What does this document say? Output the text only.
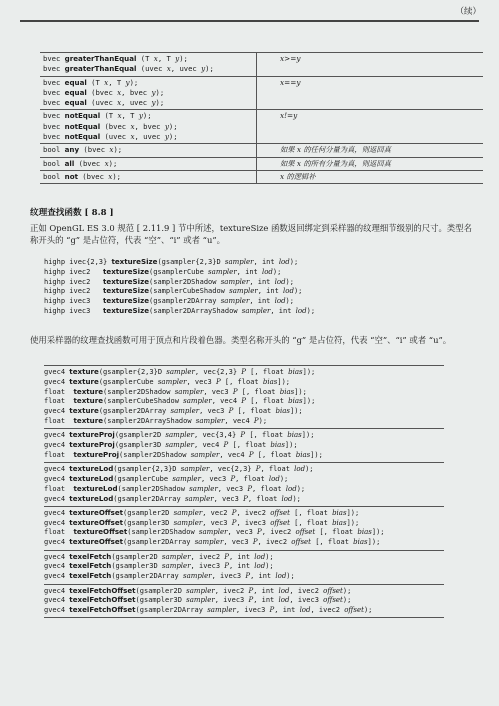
（续）
bvec greaterThanEqual (T x, T y);
bvec greaterThanEqual (uvec x, uvec y);	x>=y

bvec equal (T x, T y);
bvec equal (bvec x, bvec y);
bvec equal (uvec x, uvec y);	x==y

bvec notEqual (T x, T y);
bvec notEqual (bvec x, bvec y);
bvec notEqual (uvec x, uvec y);	x!=y

bool any (bvec x);	如果 x 的任何分量为真，则返回真

bool all (bvec x);	如果 x 的所有分量为真，则返回真

bool not (bvec x);	x 的逻辑补
纹理查找函数 [ 8.8 ]
正如 OpenGL ES 3.0 规范 [ 2.11.9 ] 节中所述，textureSize 函数返回绑定到采样器的纹理细节级别的尺寸。类型名称开头的 “g” 是占位符，代表 “空”、“i” 或者 “u”。
highp ivec{2,3} textureSize(gsampler{2,3}D sampler, int lod);
highp ivec2   textureSize(gsamplerCube sampler, int lod);
highp ivec2   textureSize(sampler2DShadow sampler, int lod);
highp ivec2   textureSize(samplerCubeShadow sampler, int lod);
highp ivec3   textureSize(gsampler2DArray sampler, int lod);
highp ivec3   textureSize(sampler2DArrayShadow sampler, int lod);
使用采样器的纹理查找函数可用于顶点和片段着色器。类型名称开头的 “g” 是占位符，代表 “空”、“i” 或者 “u”。
gvec4 texture(gsampler{2,3}D sampler, vec{2,3} P [, float bias]);
gvec4 texture(gsamplerCube sampler, vec3 P [, float bias]);
float  texture(sampler2DShadow sampler, vec3 P [, float bias]);
float  texture(samplerCubeShadow sampler, vec4 P [, float bias]);
gvec4 texture(gsampler2DArray sampler, vec3 P [, float bias]);
float  texture(sampler2DArrayShadow sampler, vec4 P);
gvec4 textureProj(gsampler2D sampler, vec{3,4} P [, float bias]);
gvec4 textureProj(gsampler3D sampler, vec4 P [, float bias]);
float  textureProj(sampler2DShadow sampler, vec4 P [, float bias]);
gvec4 textureLod(gsampler{2,3}D sampler, vec{2,3} P, float lod);
gvec4 textureLod(gsamplerCube sampler, vec3 P, float lod);
float  textureLod(sampler2DShadow sampler, vec3 P, float lod);
gvec4 textureLod(gsampler2DArray sampler, vec3 P, float lod);
gvec4 textureOffset(gsampler2D sampler, vec2 P, ivec2 offset [, float bias]);
gvec4 textureOffset(gsampler3D sampler, vec3 P, ivec3 offset [, float bias]);
float  textureOffset(sampler2DShadow sampler, vec3 P, ivec2 offset [, float bias]);
gvec4 textureOffset(gsampler2DArray sampler, vec3 P, ivec2 offset [, float bias]);
gvec4 texelFetch(gsampler2D sampler, ivec2 P, int lod);
gvec4 texelFetch(gsampler3D sampler, ivec3 P, int lod);
gvec4 texelFetch(gsampler2DArray sampler, ivec3 P, int lod);
gvec4 texelFetchOffset(gsampler2D sampler, ivec2 P, int lod, ivec2 offset);
gvec4 texelFetchOffset(gsampler3D sampler, ivec3 P, int lod, ivec3 offset);
gvec4 texelFetchOffset(gsampler2DArray sampler, ivec3 P, int lod, ivec2 offset);
